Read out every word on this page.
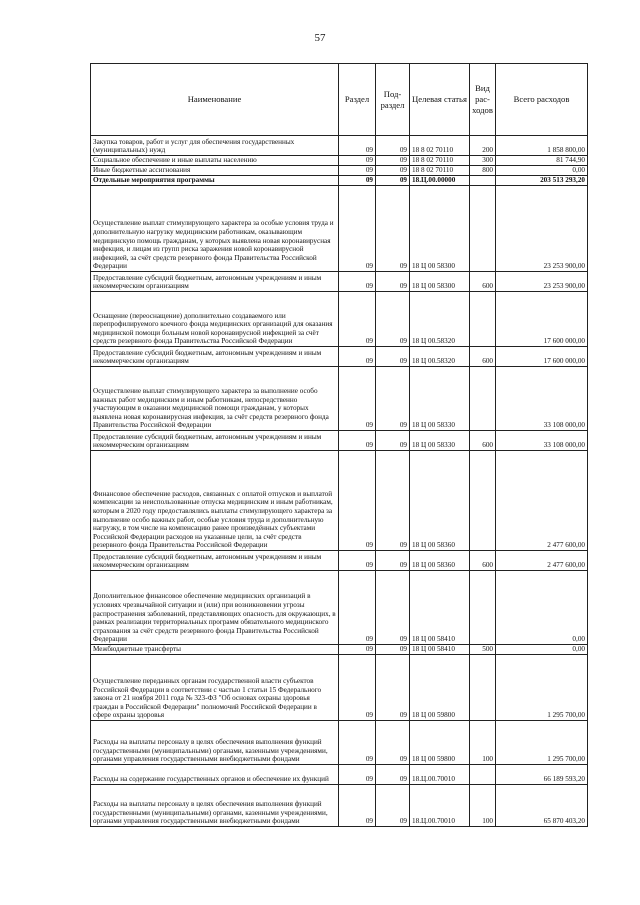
57
Наименование	Раздел	Под-раздел	Целевая статья	Вид рас-ходов	Всего расходов
Закупка товаров, работ и услуг для обеспечения государственных (муниципальных) нужд	09	09	18 8 02 70110	200	1 858 800,00
Социальное обеспечение и иные выплаты населению	09	09	18 8 02 70110	300	81 744,90
Иные бюджетные ассигнования	09	09	18 8 02 70110	800	0,00
Отдельные мероприятия программы	09	09	18.Ц.00.00000		203 513 293,20
Осуществление выплат стимулирующего характера за особые условия труда и дополнительную нагрузку медицинским работникам, оказывающим медицинскую помощь гражданам, у которых выявлена новая коронавирусная инфекция, и лицам из групп риска заражения новой коронавирусной инфекцией, за счёт средств резервного фонда Правительства Российской Федерации	09	09	18 Ц 00 58300		23 253 900,00
Предоставление субсидий бюджетным, автономным учреждениям и иным некоммерческим организациям	09	09	18 Ц 00 58300	600	23 253 900,00
Оснащение (переоснащение) дополнительно создаваемого или перепрофилируемого коечного фонда медицинских организаций для оказания медицинской помощи больным новой коронавирусной инфекцией за счёт средств резервного фонда Правительства Российской Федерации	09	09	18 Ц 00.58320		17 600 000,00
Предоставление субсидий бюджетным, автономным учреждениям и иным некоммерческим организациям	09	09	18 Ц 00.58320	600	17 600 000,00
Осуществление выплат стимулирующего характера за выполнение особо важных работ медицинским и иным работникам, непосредственно участвующим в оказании медицинской помощи гражданам, у которых выявлена новая коронавирусная инфекция, за счёт средств резервного фонда Правительства Российской Федерации	09	09	18 Ц 00 58330		33 108 000,00
Предоставление субсидий бюджетным, автономным учреждениям и иным некоммерческим организациям	09	09	18 Ц 00 58330	600	33 108 000,00
Финансовое обеспечение расходов, связанных с оплатой отпусков и выплатой компенсации за неиспользованные отпуска медицинским и иным работникам, которым в 2020 году предоставлялись выплаты стимулирующего характера за выполнение особо важных работ, особые условия труда и дополнительную нагрузку, в том числе на компенсацию ранее произведённых субъектами Российской Федерации расходов на указанные цели, за счёт средств резервного фонда Правительства Российской Федерации	09	09	18 Ц 00 58360		2 477 600,00
Предоставление субсидий бюджетным, автономным учреждениям и иным некоммерческим организациям	09	09	18 Ц 00 58360	600	2 477 600,00
Дополнительное финансовое обеспечение медицинских организаций в условиях чрезвычайной ситуации и (или) при возникновении угрозы распространения заболеваний, представляющих опасность для окружающих, в рамках реализации территориальных программ обязательного медицинского страхования за счёт средств резервного фонда Правительства Российской Федерации	09	09	18 Ц 00 58410		0,00
Межбюджетные трансферты	09	09	18 Ц 00 58410	500	0,00
Осуществление переданных органам государственной власти субъектов Российской Федерации в соответствии с частью 1 статьи 15 Федерального закона от 21 ноября 2011 года № 323-ФЗ "Об основах охраны здоровья граждан в Российской Федерации" полномочий Российской Федерации в сфере охраны здоровья	09	09	18 Ц 00 59800		1 295 700,00
Расходы на выплаты персоналу в целях обеспечения выполнения функций государственными (муниципальными) органами, казенными учреждениями, органами управления государственными внебюджетными фондами	09	09	18 Ц 00 59800	100	1 295 700,00
Расходы на содержание государственных органов и обеспечение их функций	09	09	18.Ц.00.70010		66 189 593,20
Расходы на выплаты персоналу в целях обеспечения выполнения функций государственными (муниципальными) органами, казенными учреждениями, органами управления государственными внебюджетными фондами	09	09	18.Ц.00.70010	100	65 870 403,20
